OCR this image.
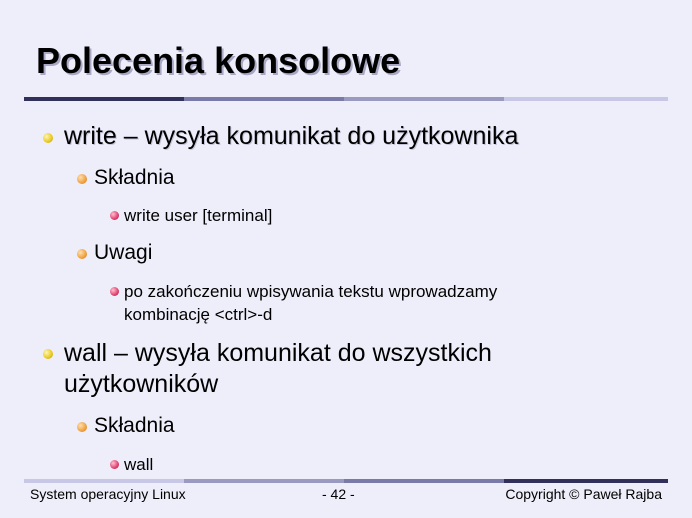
Polecenia konsolowe
write – wysyła komunikat do użytkownika
Składnia
write user [terminal]
Uwagi
po zakończeniu wpisywania tekstu wprowadzamy
kombinację <ctrl>-d
wall – wysyła komunikat do wszystkich
użytkowników
Składnia
wall
System operacyjny Linux	- 42 -	Copyright © Paweł Rajba
